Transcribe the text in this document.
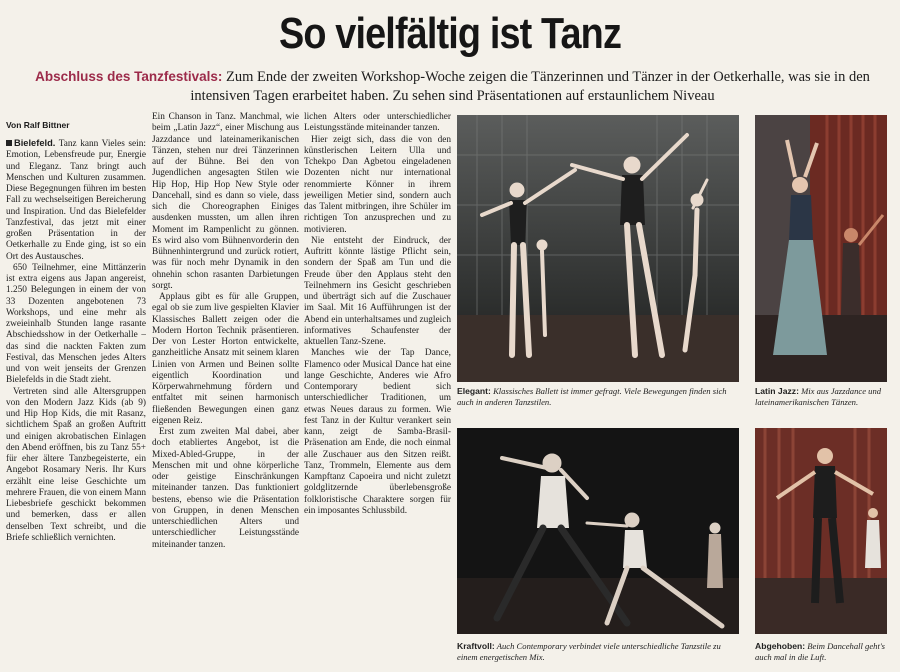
So vielfältig ist Tanz
Abschluss des Tanzfestivals: Zum Ende der zweiten Workshop-Woche zeigen die Tänzerinnen und Tänzer in der Oetkerhalle, was sie in den intensiven Tagen erarbeitet haben. Zu sehen sind Präsentationen auf erstaunlichem Niveau
Von Ralf Bittner

Bielefeld. Tanz kann Vieles sein: Emotion, Lebensfreude pur, Energie und Eleganz. Tanz bringt auch Menschen und Kulturen zusammen. Diese Begegnungen führen im besten Fall zu wechselseitigen Bereicherung und Inspiration. Und das Bielefelder Tanzfestival, das jetzt mit einer großen Präsentation in der Oetkerhalle zu Ende ging, ist so ein Ort des Austausches.

650 Teilnehmer, eine Mittänzerin ist extra eigens aus Japan angereist, 1.250 Belegungen in einem der von 33 Dozenten angebotenen 73 Workshops, und eine mehr als zweieinhalb Stunden lange rasante Abschiedsshow in der Oetkerhalle – das sind die nackten Fakten zum Festival, das Menschen jedes Alters und von weit jenseits der Grenzen Bielefelds in die Stadt zieht.

Vertreten sind alle Altersgruppen von den Modern Jazz Kids (ab 9) und Hip Hop Kids, die mit Rasanz, sichtlichem Spaß an großen Auftritt und einigen akrobatischen Einlagen den Abend eröffnen, bis zu Tanz 55+ für eher ältere Tanzbegeisterte, ein Angebot Rosamary Neris. Ihr Kurs erzählt eine leise Geschichte um mehrere Frauen, die von einem Mann Liebesbriefe geschickt bekommen und bemerken, dass er allen denselben Text schreibt, und die Briefe schließlich vernichten.

Ein Chanson in Tanz. Manchmal, wie beim „Latin Jazz“, einer Mischung aus Jazzdance und lateinamerikanischen Tänzen, stehen nur drei Tänzerinnen auf der Bühne. Bei den von Jugendlichen angesagten Stilen wie Hip Hop, Hip Hop New Style oder Dancehall, sind es dann so viele, dass sich die Choreographen Einiges ausdenken mussten, um allen ihren Moment im Rampenlicht zu gönnen. Es wird also vom Bühnenvorderin den Bühnenhintergrund und zurück rotiert, was für noch mehr Dynamik in den ohnehin schon rasanten Darbietungen sorgt.

Applaus gibt es für alle Gruppen, egal ob sie zum live gespielten Klavier Klassisches Ballett zeigen oder die Modern Horton Technik präsentieren. Der von Lester Horton entwickelte, ganzheitliche Ansatz mit seinem klaren Linien von Armen und Beinen sollte eigentlich Koordination und Körperwahrnehmung fördern und entfaltet mit seinen harmonisch fließenden Bewegungen einen ganz eigenen Reiz.

Erst zum zweiten Mal dabei, aber doch etabliertes Angebot, ist die Mixed-Abled-Gruppe, in der Menschen mit und ohne körperliche oder geistige Einschränkungen miteinander tanzen. Das funktioniert bestens, ebenso wie die Präsentation von Gruppen, in denen Menschen unterschiedlichen Alters und unterschiedlicher Leistungsstände miteinander tanzen.

lichen Alters oder unterschiedlicher Leistungsstände miteinander tanzen.

Hier zeigt sich, dass die von den künstlerischen Leitern Ulla und Tchekpo Dan Agbetou eingeladenen Dozenten nicht nur international renommierte Könner in ihrem jeweiligen Metier sind, sondern auch das Talent mitbringen, ihre Schüler im richtigen Ton anzusprechen und zu motivieren.

Nie entsteht der Eindruck, der Auftritt könnte lästige Pflicht sein, sondern der Spaß am Tun und die Freude über den Applaus steht den Teilnehmern ins Gesicht geschrieben und überträgt sich auf die Zuschauer im Saal. Mit 16 Aufführungen ist der Abend ein unterhaltsames und zugleich informatives Schaufenster der aktuellen Tanz-Szene.

Manches wie der Tap Dance, Flamenco oder Musical Dance hat eine lange Geschichte, Anderes wie Afro Contemporary bedient sich unterschiedlicher Traditionen, um etwas Neues daraus zu formen. Wie fest Tanz in der Kultur verankert sein kann, zeigt de Samba-Brasil-Präsenation am Ende, die noch einmal alle Zuschauer aus den Sitzen reißt. Tanz, Trommeln, Elemente aus dem Kampftanz Capoeira und nicht zuletzt goldglitzernde überlebensgroße folkloristische Charaktere sorgen für ein imposantes Schlussbild.

Elegant: Klassisches Ballett ist immer gefragt. Viele Bewegungen finden sich auch in anderen Tanzstilen.
Latin Jazz: Mix aus Jazzdance und lateinamerikanischen Tänzen.
Kraftvoll: Auch Contemporary verbindet viele unterschiedliche Tanzstile zu einem energetischen Mix.
Abgehoben: Beim Dancehall geht's auch mal in die Luft.
